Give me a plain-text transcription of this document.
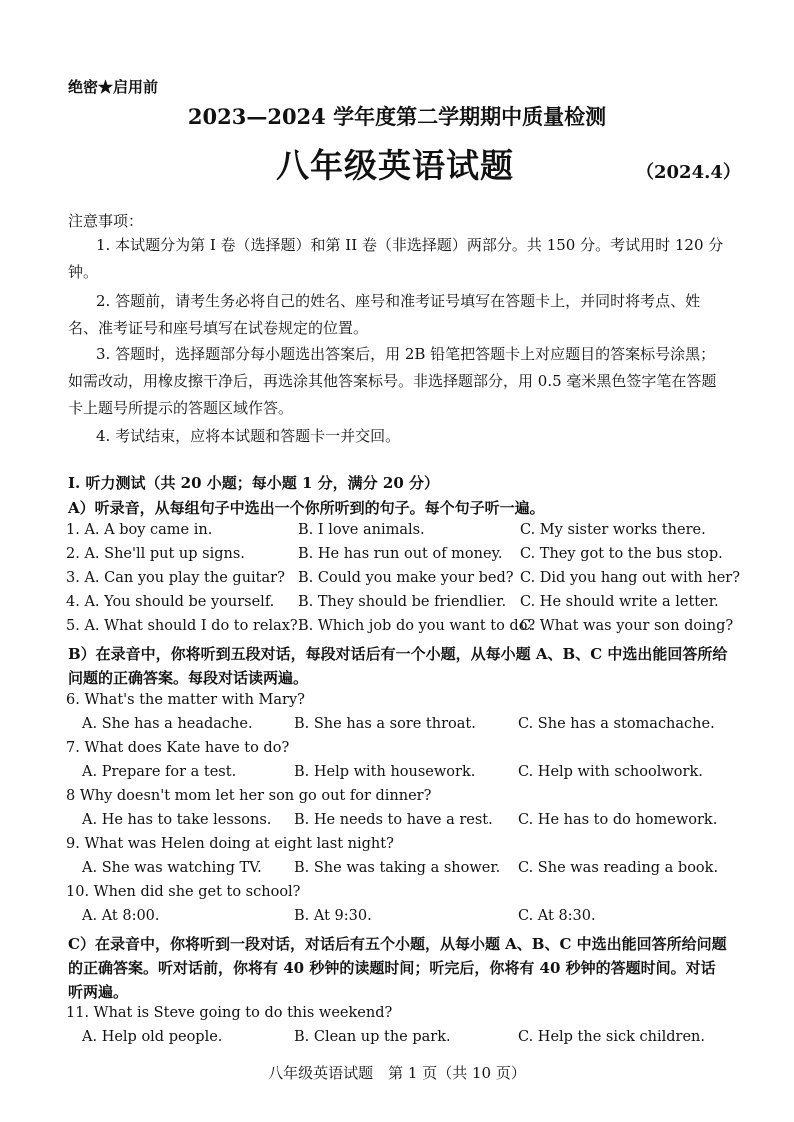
绝密★启用前
2023—2024 学年度第二学期期中质量检测
八年级英语试题	（2024.4）
注意事项：
1. 本试题分为第 I 卷（选择题）和第 II 卷（非选择题）两部分。共 150 分。考试用时 120 分钟。
2. 答题前，请考生务必将自己的姓名、座号和准考证号填写在答题卡上，并同时将考点、姓名、准考证号和座号填写在试卷规定的位置。
3. 答题时，选择题部分每小题选出答案后，用 2B 铅笔把答题卡上对应题目的答案标号涂黑；如需改动，用橡皮擦干净后，再选涂其他答案标号。非选择题部分，用 0.5 毫米黑色签字笔在答题卡上题号所提示的答题区域作答。
4. 考试结束，应将本试题和答题卡一并交回。
Ⅰ. 听力测试（共 20 小题；每小题 1 分，满分 20 分）
A）听录音，从每组句子中选出一个你所听到的句子。每个句子听一遍。
1. A. A boy came in.	B. I love animals.	C. My sister works there.
2. A. She'll put up signs.	B. He has run out of money. C. They got to the bus stop.
3. A. Can you play the guitar? B. Could you make your bed? C. Did you hang out with her?
4. A. You should be yourself. B. They should be friendlier. C. He should write a letter.
5. A. What should I do to relax? B. Which job do you want to do?
C. What was your son doing?
B）在录音中，你将听到五段对话，每段对话后有一个小题，从每小题 A、B、C 中选出能回答所给问题的正确答案。每段对话读两遍。
6. What's the matter with Mary?
A. She has a headache.	B. She has a sore throat.	C. She has a stomachache.
7. What does Kate have to do?
A. Prepare for a test.	B. Help with housework.	C. Help with schoolwork.
8 Why doesn't mom let her son go out for dinner?
A. He has to take lessons. B. He needs to have a rest. C. He has to do homework.
9. What was Helen doing at eight last night?
A. She was watching TV. B. She was taking a shower. C. She was reading a book.
10. When did she get to school?
A. At 8:00.	B. At 9:30.	C. At 8:30.
C）在录音中，你将听到一段对话，对话后有五个小题，从每小题 A、B、C 中选出能回答所给问题的正确答案。听对话前，你将有 40 秒钟的读题时间；听完后，你将有 40 秒钟的答题时间。对话听两遍。
11. What is Steve going to do this weekend?
A. Help old people.	B. Clean up the park.	C. Help the sick children.
八年级英语试题　第 1 页（共 10 页）
